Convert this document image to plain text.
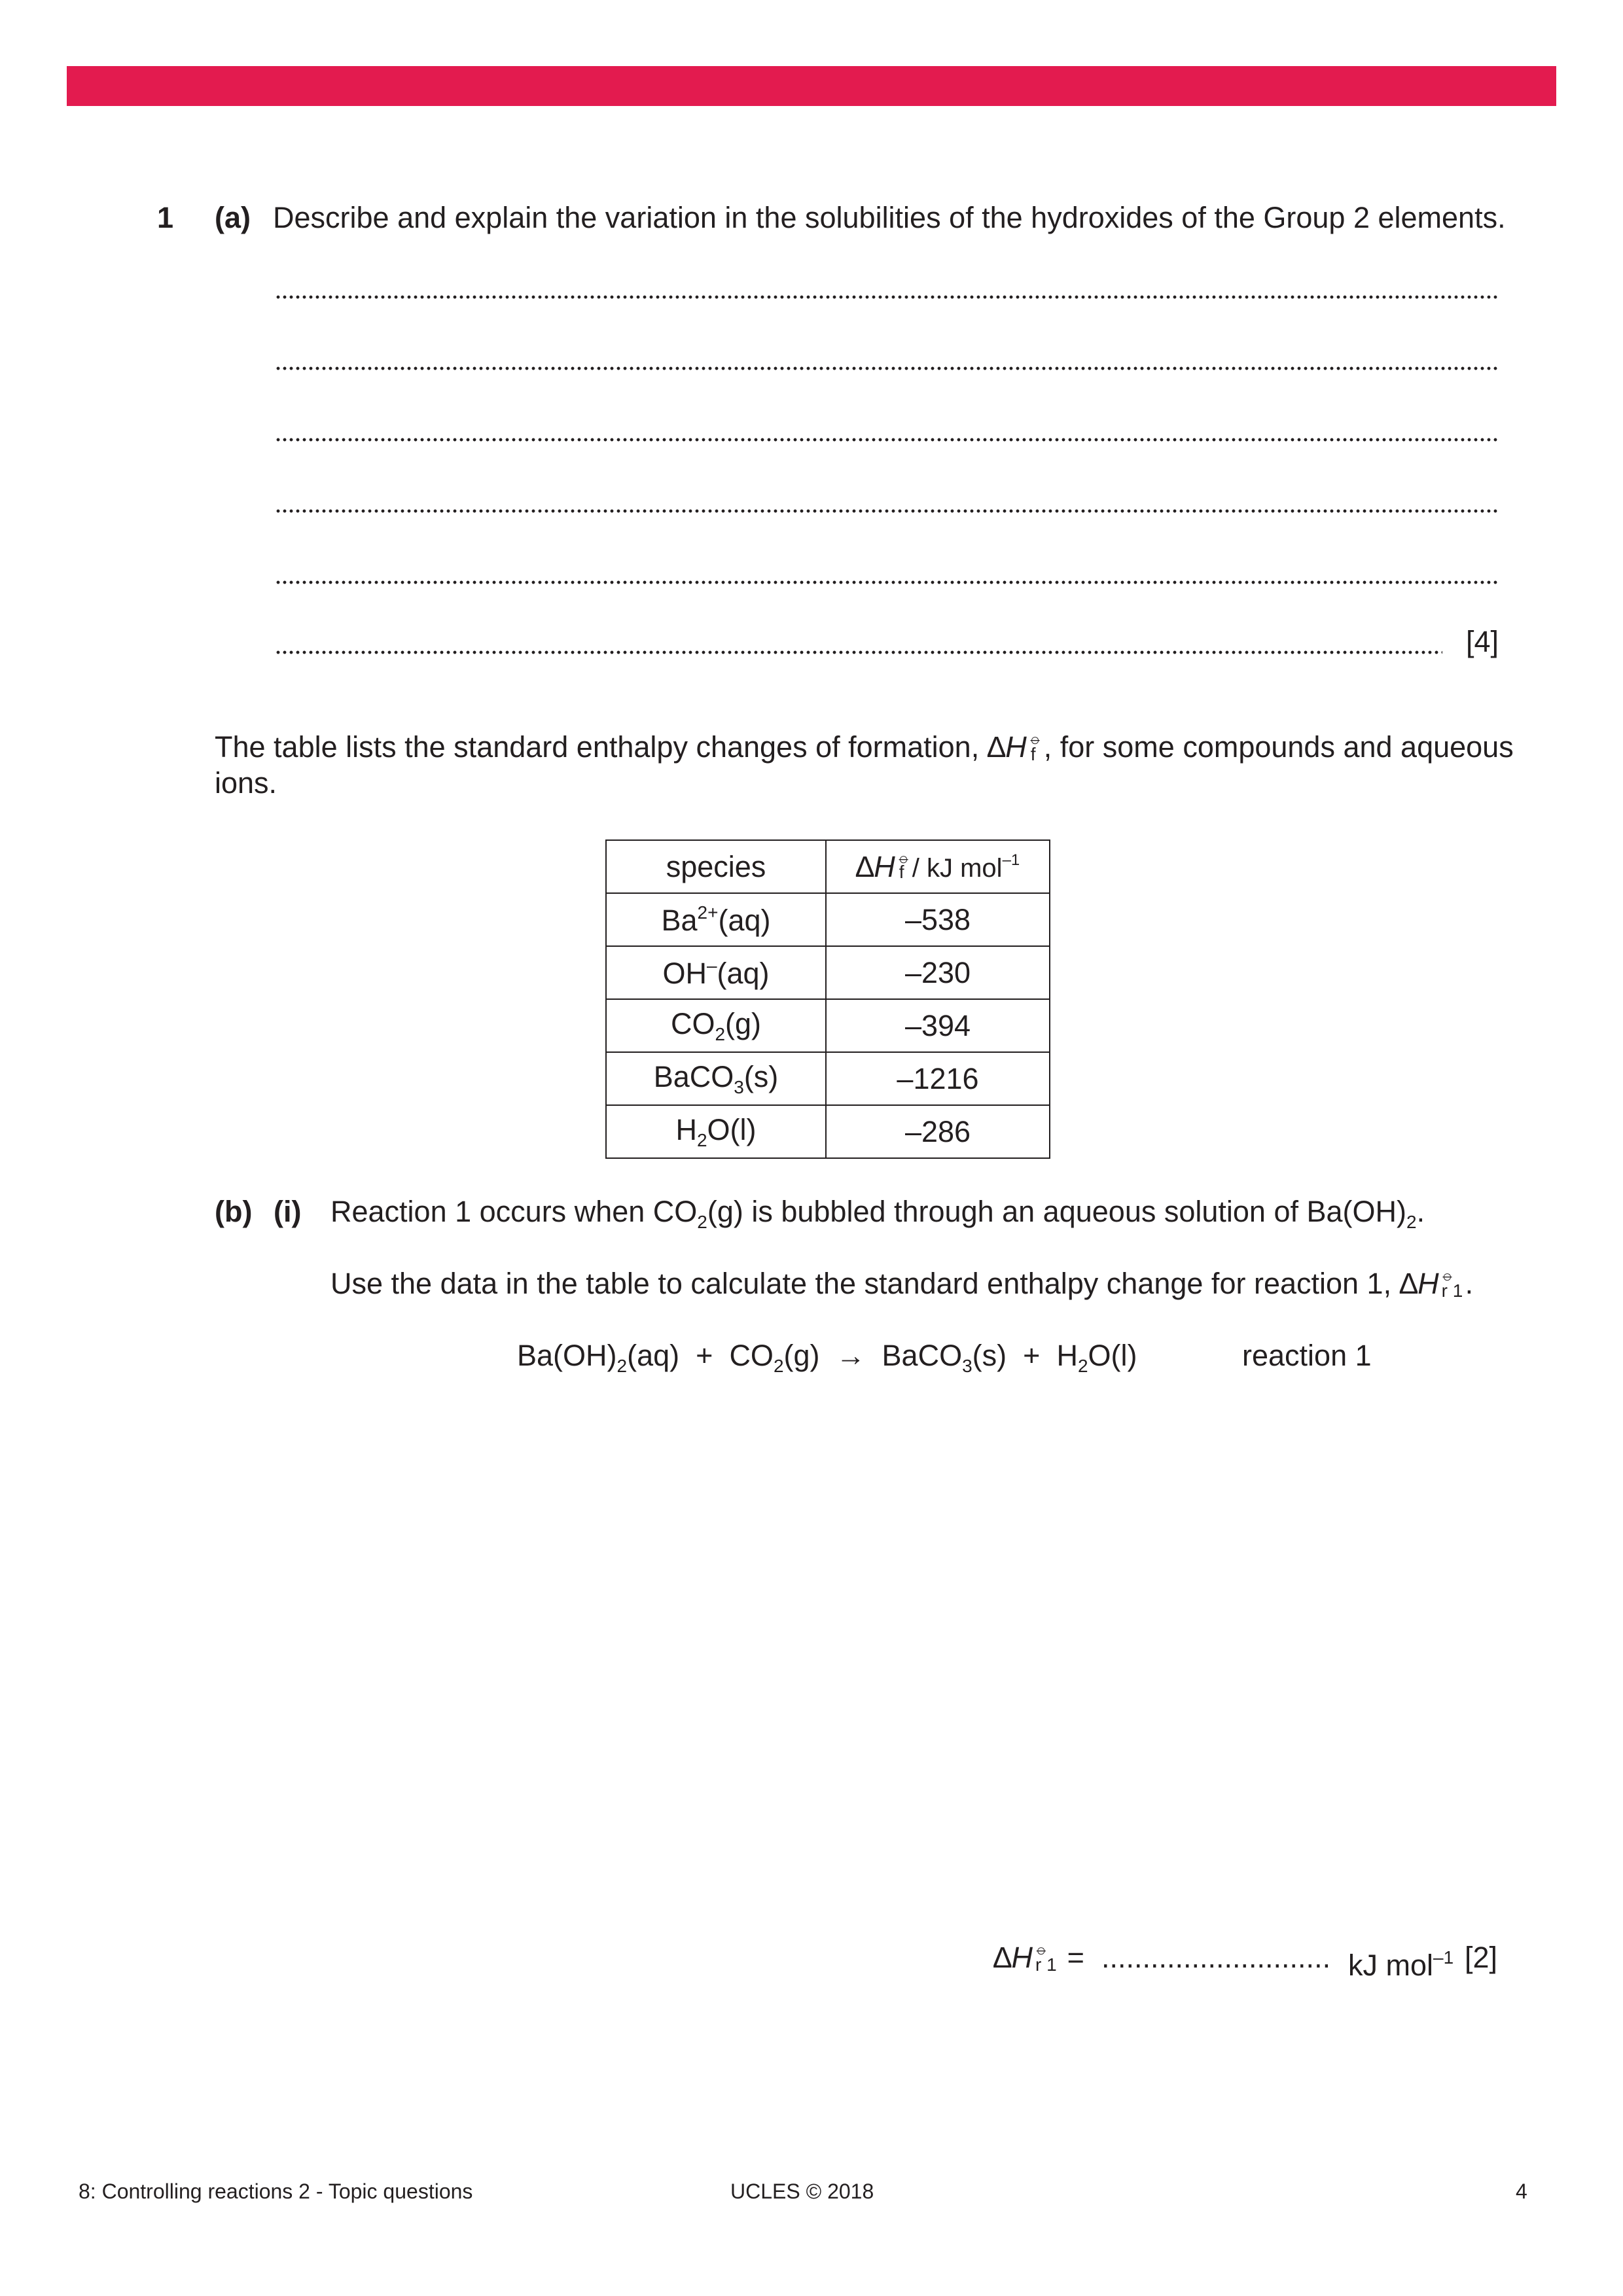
1 (a) Describe and explain the variation in the solubilities of the hydroxides of the Group 2 elements.
[4]
The table lists the standard enthalpy changes of formation, ∆H ⦵
f , for some compounds and aqueous
ions.
species	∆H ⦵
f / kJ mol$^{-1}$
$Ba^{2+}(aq)$	–538
OH–(aq)	–230
$CO_2(g)$	–394
BaCO$_3$(s)	–1216
$H_2O(l)$	–286
(b) (i) Reaction 1 occurs when $CO_2(g)$ is bubbled through an aqueous solution of $Ba(OH)_2$.
Use the data in the table to calculate the standard enthalpy change for reaction 1, ∆H ⦵
r 1 .
$Ba(OH)_2(aq) + CO_2(g)$ → BaCO$_3$(s) + $H_2O(l)$	reaction 1
∆H ⦵
r 1 = ............................ kJ mol$^{-1}$ [2]
8: Controlling reactions 2 - Topic questions	UCLES © 2018	4
